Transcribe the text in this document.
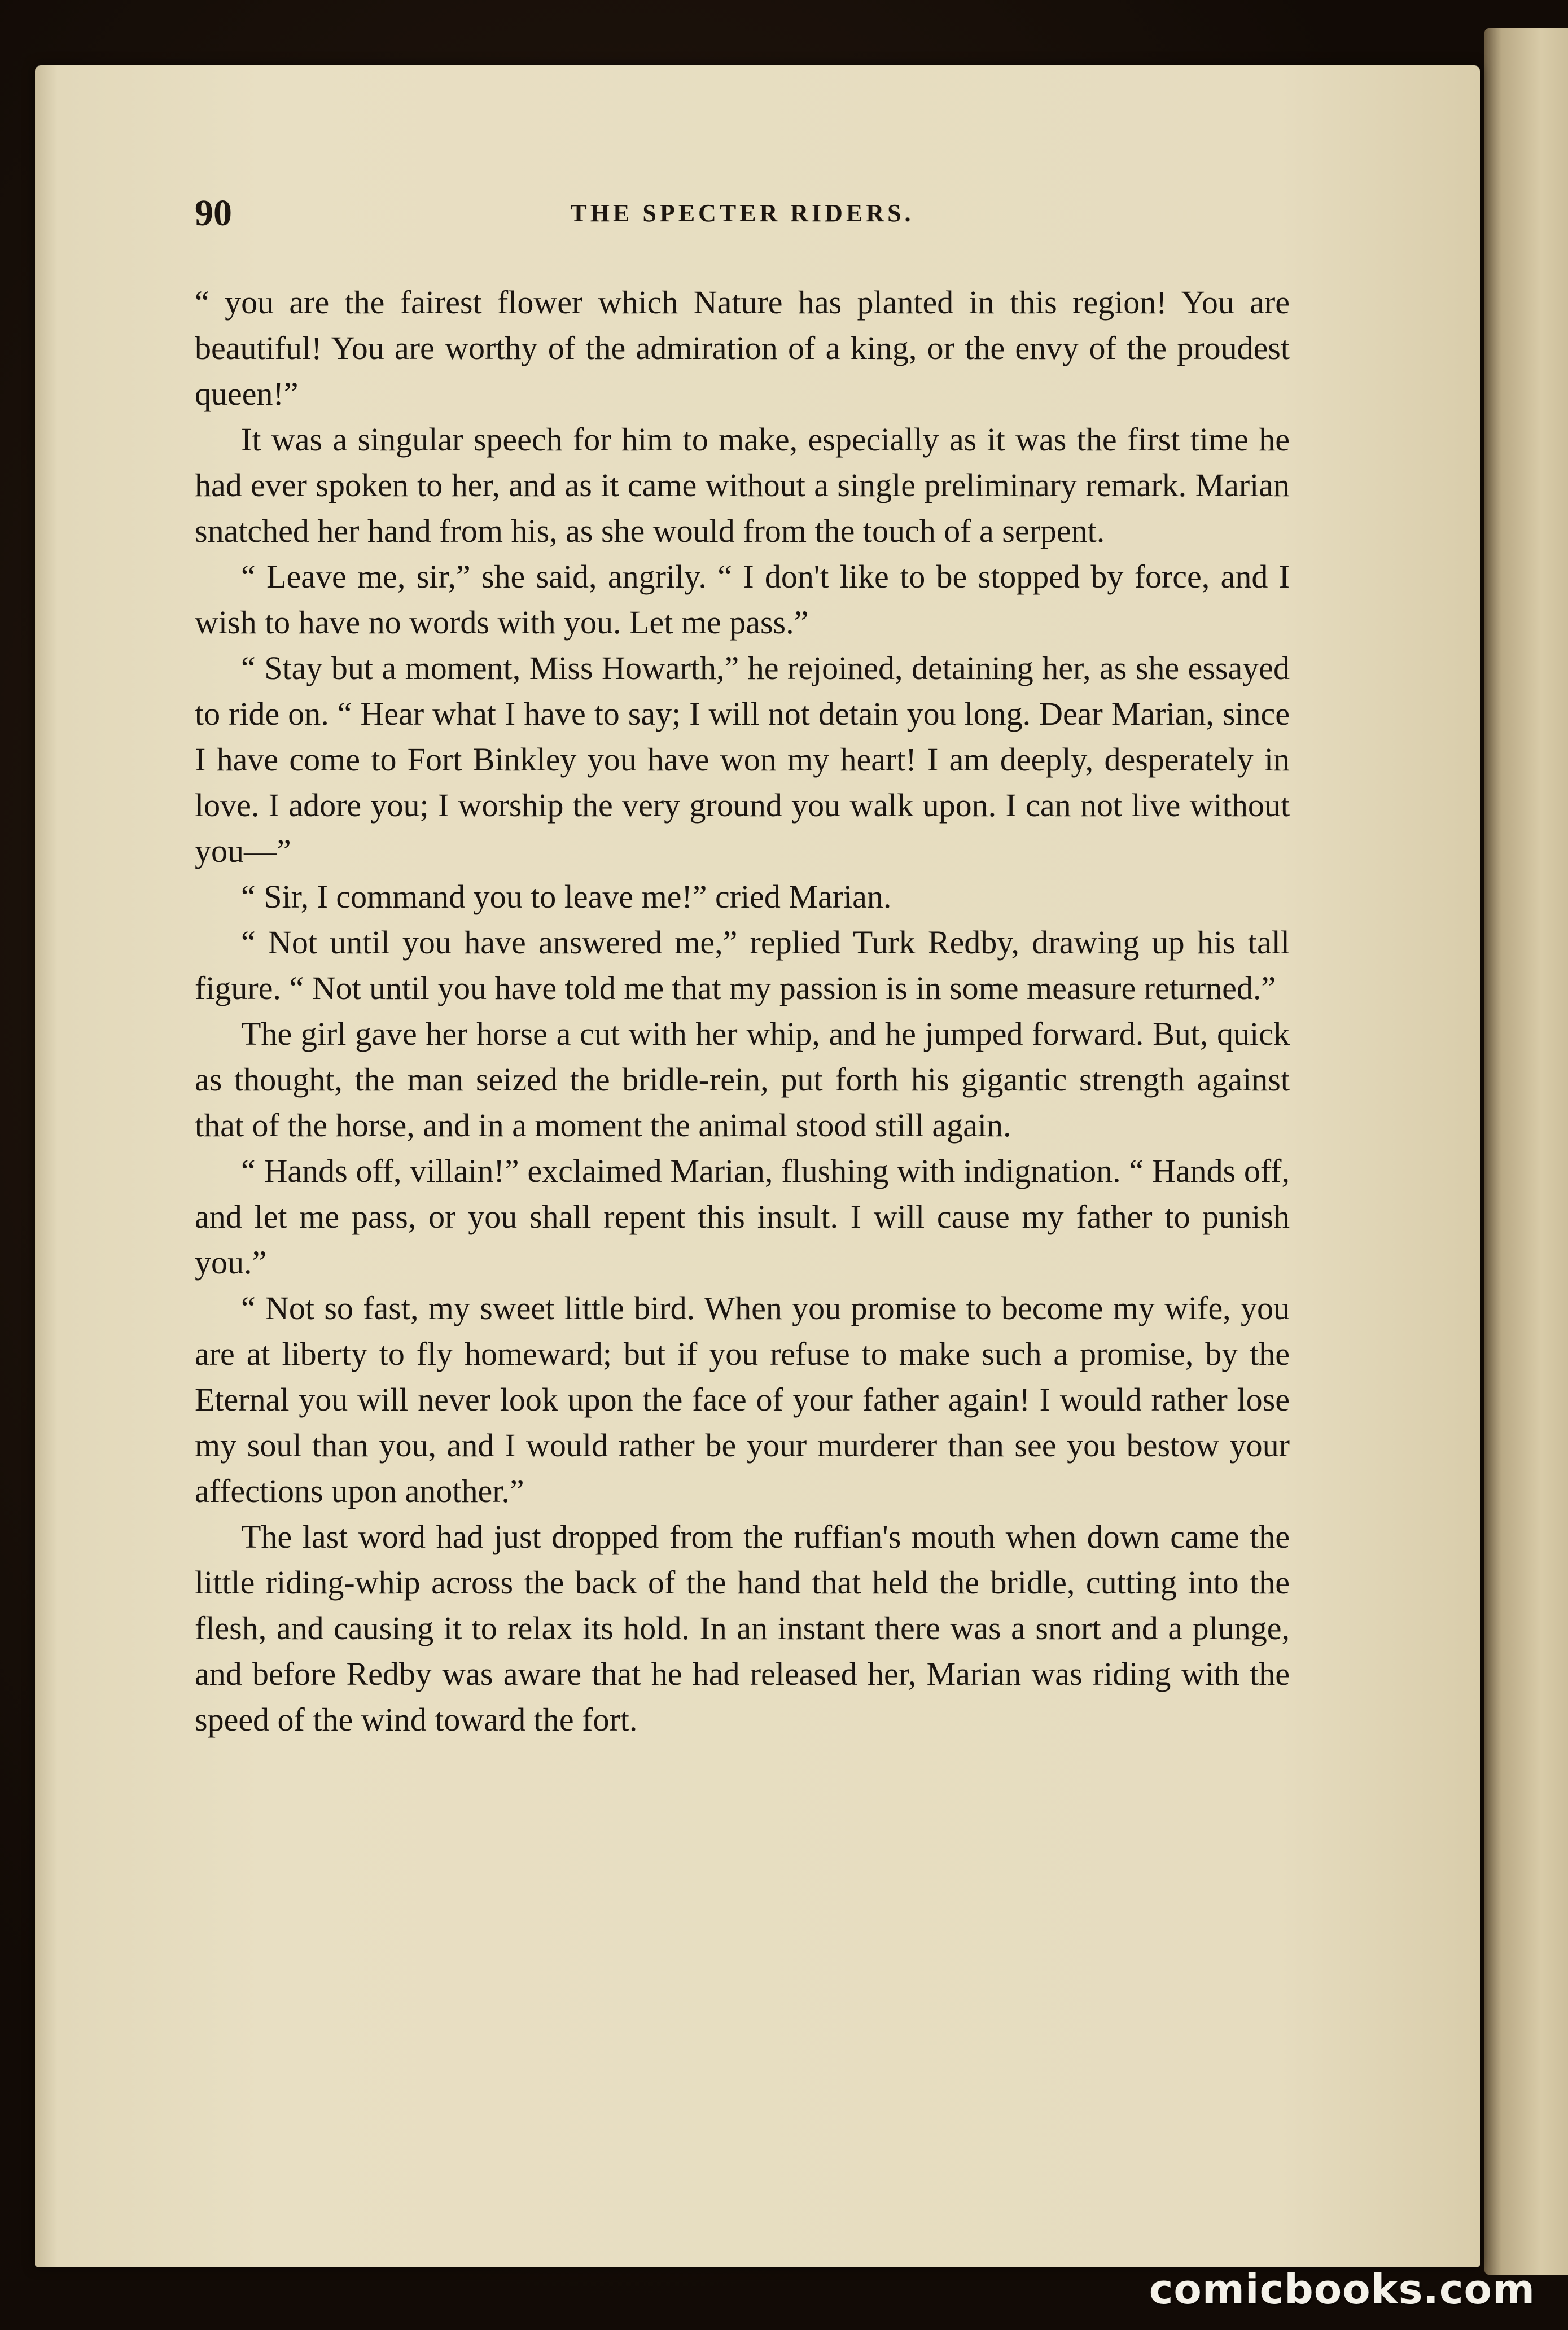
90	THE SPECTER RIDERS.

“ you are the fairest flower which Nature has planted in this region! You are beautiful! You are worthy of the admiration of a king, or the envy of the proudest queen!”

It was a singular speech for him to make, especially as it was the first time he had ever spoken to her, and as it came without a single preliminary remark. Marian snatched her hand from his, as she would from the touch of a serpent.

“ Leave me, sir,” she said, angrily. “ I don't like to be stopped by force, and I wish to have no words with you. Let me pass.”

“ Stay but a moment, Miss Howarth,” he rejoined, detaining her, as she essayed to ride on. “ Hear what I have to say; I will not detain you long. Dear Marian, since I have come to Fort Binkley you have won my heart! I am deeply, desperately in love. I adore you; I worship the very ground you walk upon. I can not live without you—”

“ Sir, I command you to leave me!” cried Marian.

“ Not until you have answered me,” replied Turk Redby, drawing up his tall figure. “ Not until you have told me that my passion is in some measure returned.”

The girl gave her horse a cut with her whip, and he jumped forward. But, quick as thought, the man seized the bridle-rein, put forth his gigantic strength against that of the horse, and in a moment the animal stood still again.

“ Hands off, villain!” exclaimed Marian, flushing with indignation. “ Hands off, and let me pass, or you shall repent this insult. I will cause my father to punish you.”

“ Not so fast, my sweet little bird. When you promise to become my wife, you are at liberty to fly homeward; but if you refuse to make such a promise, by the Eternal you will never look upon the face of your father again! I would rather lose my soul than you, and I would rather be your murderer than see you bestow your affections upon another.”

The last word had just dropped from the ruffian's mouth when down came the little riding-whip across the back of the hand that held the bridle, cutting into the flesh, and causing it to relax its hold. In an instant there was a snort and a plunge, and before Redby was aware that he had released her, Marian was riding with the speed of the wind toward the fort.

comicbooks.com
